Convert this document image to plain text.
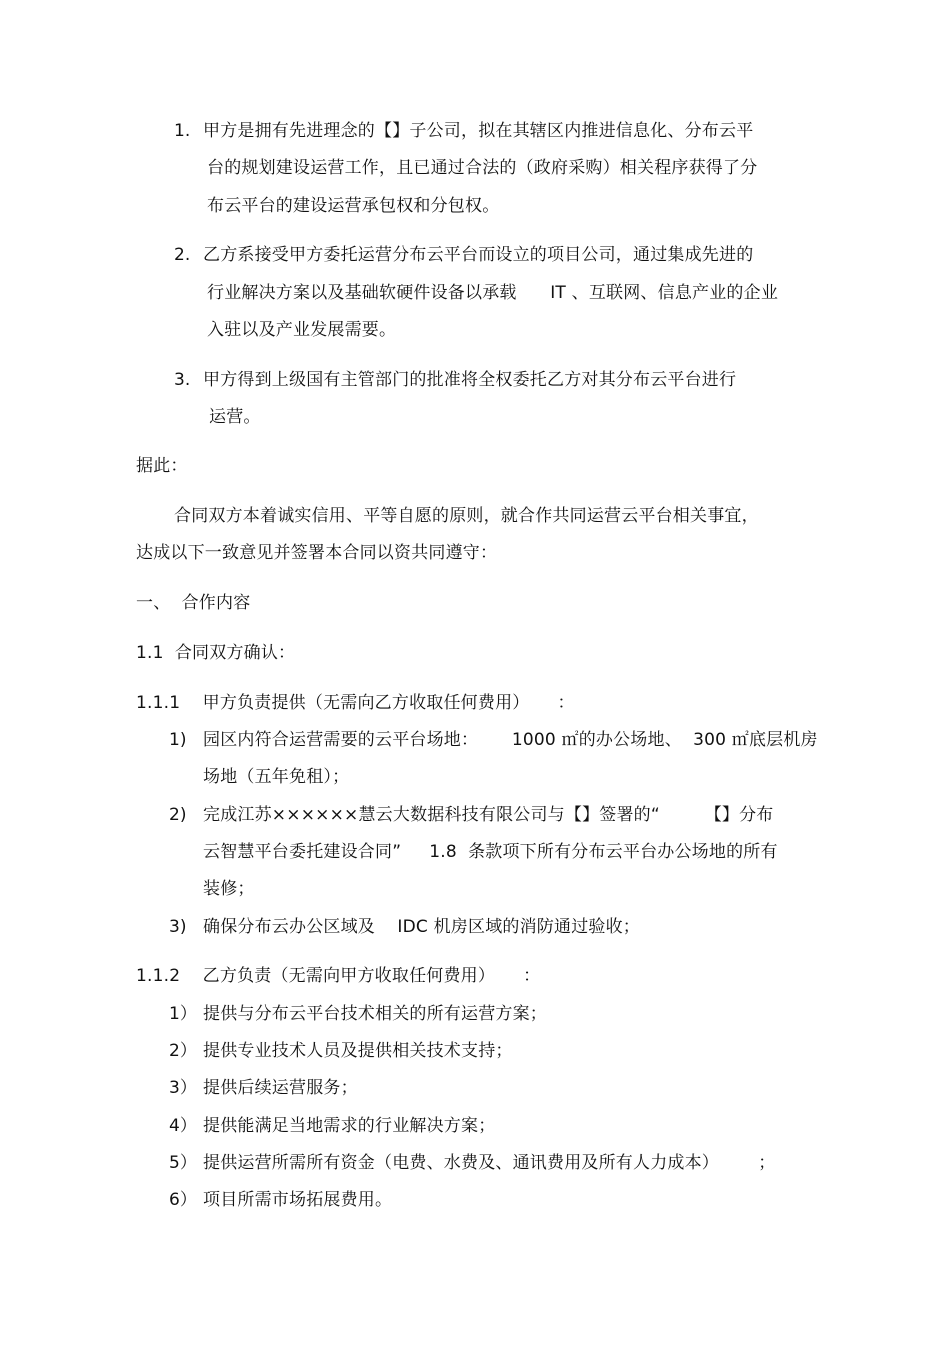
1. 甲方是拥有先进理念的【】子公司，拟在其辖区内推进信息化、分布云平
台的规划建设运营工作，且已通过合法的（政府采购）相关程序获得了分
布云平台的建设运营承包权和分包权。
2. 乙方系接受甲方委托运营分布云平台而设立的项目公司，通过集成先进的
行业解决方案以及基础软硬件设备以承载      IT 、互联网、信息产业的企业
入驻以及产业发展需要。
3. 甲方得到上级国有主管部门的批准将全权委托乙方对其分布云平台进行
运营。
据此：
合同双方本着诚实信用、平等自愿的原则，就合作共同运营云平台相关事宜，
达成以下一致意见并签署本合同以资共同遵守：
一、  合作内容
1.1  合同双方确认：
1.1.1    甲方负责提供（无需向乙方收取任何费用）     ：
1) 园区内符合运营需要的云平台场地：      1000 ㎡的办公场地、  300 ㎡底层机房
场地（五年免租）；
2) 完成江苏××××××慧云大数据科技有限公司与【】签署的“        【】分布
云智慧平台委托建设合同”     1.8  条款项下所有分布云平台办公场地的所有
装修；
3) 确保分布云办公区域及    IDC 机房区域的消防通过验收；
1.1.2    乙方负责（无需向甲方收取任何费用）     ：
1） 提供与分布云平台技术相关的所有运营方案；
2） 提供专业技术人员及提供相关技术支持；
3） 提供后续运营服务；
4） 提供能满足当地需求的行业解决方案；
5） 提供运营所需所有资金（电费、水费及、通讯费用及所有人力成本）       ；
6） 项目所需市场拓展费用。
